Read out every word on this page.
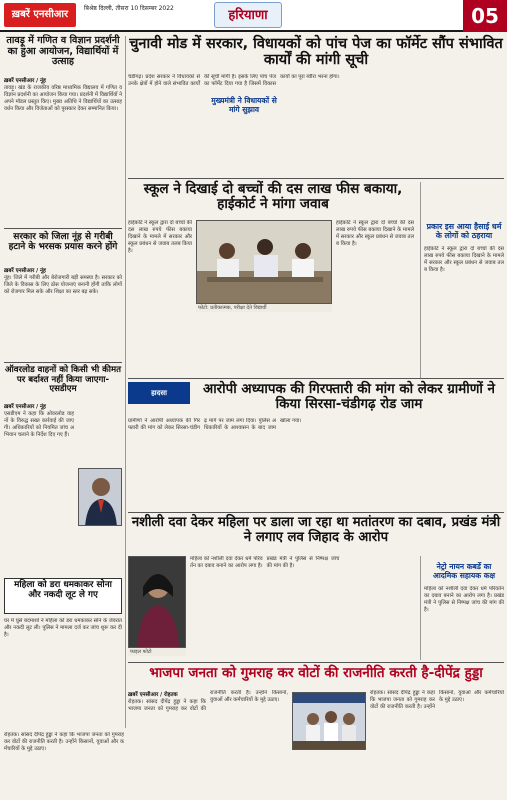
ख़बरें एनसीआर
बिश्रेष्ठ दिल्ली, तीसरा 10 दिसम्बर 2022	हरियाणा	05
तावड़ू में गणित व विज्ञान प्रदर्शनी का हुआ आयोजन, विद्यार्थियों में उत्साह
ख़बरें एनसीआर / नूंह
तावड़ू। खंड के राजकीय वरिष्ठ माध्यमिक विद्यालय में गणित व विज्ञान प्रदर्शनी का आयोजन किया गया। प्रदर्शनी में विद्यार्थियों ने अपने मॉडल प्रस्तुत किए। मुख्य अतिथि ने विद्यार्थियों का उत्साहवर्धन किया और विजेताओं को पुरस्कार देकर सम्मानित किया।
सरकार को जिला नूंह से गरीबी हटाने के भरसक प्रयास करने होंगे
ख़बरें एनसीआर / नूंह
नूंह। जिले में गरीबी और बेरोजगारी बड़ी समस्या है। सरकार को जिले के विकास के लिए ठोस योजनाएं बनानी होंगी ताकि लोगों को रोजगार मिल सके और शिक्षा का स्तर बढ़ सके।
ऑवरलोड वाहनों को किसी भी कीमत पर बर्दाश्त नहीं किया जाएगा-एसडीएम
ख़बरें एनसीआर / नूंह
एसडीएम ने कहा कि ओवरलोड वाहनों के विरुद्ध सख्त कार्रवाई की जाएगी। अधिकारियों को नियमित जांच अभियान चलाने के निर्देश दिए गए हैं।
महिला को डरा धमकाकर सोना और नकदी लूट ले गए
घर में घुसे बदमाशों ने महिला को डरा धमकाकर सोने के जेवरात और नकदी लूट ली। पुलिस ने मामला दर्ज कर जांच शुरू कर दी है।
चुनावी मोड में सरकार, विधायकों को पांच पेज का फॉर्मेट सौंप संभावित कार्यों की मांगी सूची
चंडीगढ़। प्रदेश सरकार ने विधायकों से उनके क्षेत्रों में होने वाले संभावित कार्यों की सूची मांगी है। इसके लिए पांच पेज का फॉर्मेट दिया गया है जिसमें विकास कार्यों का पूरा ब्यौरा भरना होगा।
मुख्यमंत्री ने विधायकों से मांगे सुझाव
स्कूल ने दिखाई दो बच्चों की दस लाख फीस बकाया, हाईकोर्ट ने मांगा जवाब
हाईकोर्ट ने स्कूल द्वारा दो बच्चों की दस लाख रुपये फीस बकाया दिखाने के मामले में सरकार और स्कूल प्रबंधन से जवाब तलब किया है।
फोटो: प्रतीकात्मक, परीक्षा देते विद्यार्थी
हाईकोर्ट ने स्कूल द्वारा दो बच्चों की दस लाख रुपये फीस बकाया दिखाने के मामले में सरकार और स्कूल प्रबंधन से जवाब तलब किया है।
प्रकार इस आया हैसाई धर्म के लोगों को ठहराया
हाईकोर्ट ने स्कूल द्वारा दो बच्चों की दस लाख रुपये फीस बकाया दिखाने के मामले में सरकार और स्कूल प्रबंधन से जवाब तलब किया है।
हादसा	आरोपी अध्यापक की गिरफ्तारी की मांग को लेकर ग्रामीणों ने किया सिरसा-चंडीगढ़ रोड जाम
ग्रामीणों ने आरोपी अध्यापक की गिरफ्तारी की मांग को लेकर सिरसा-चंडीगढ़ मार्ग पर जाम लगा दिया। पुलिस अधिकारियों के आश्वासन के बाद जाम खोला गया।
नशीली दवा देकर महिला पर डाला जा रहा था मतांतरण का दबाव, प्रखंड मंत्री ने लगाए लव जिहाद के आरोप
फाइल फोटो
महिला को नशीली दवा देकर धर्म परिवर्तन का दबाव बनाने का आरोप लगा है। प्रखंड मंत्री ने पुलिस से निष्पक्ष जांच की मांग की है।	नेट्रो नायन कबर्डे का आदमिक सहायक कक्ष
महिला को नशीली दवा देकर धर्म परिवर्तन का दबाव बनाने का आरोप लगा है। प्रखंड मंत्री ने पुलिस से निष्पक्ष जांच की मांग की है।
भाजपा जनता को गुमराह कर वोटों की राजनीति करती है-दीपेंद्र हुड्डा
रोहतक। सांसद दीपेंद्र हुड्डा ने कहा कि भाजपा जनता को गुमराह कर वोटों की राजनीति करती है। उन्होंने किसानों, युवाओं और कर्मचारियों के मुद्दे उठाए।
ख़बरें एनसीआर / रोहतक
रोहतक। सांसद दीपेंद्र हुड्डा ने कहा कि भाजपा जनता को गुमराह कर वोटों की राजनीति करती है। उन्होंने किसानों, युवाओं और कर्मचारियों के मुद्दे उठाए।
रोहतक। सांसद दीपेंद्र हुड्डा ने कहा कि भाजपा जनता को गुमराह कर वोटों की राजनीति करती है। उन्होंने किसानों, युवाओं और कर्मचारियों के मुद्दे उठाए।
